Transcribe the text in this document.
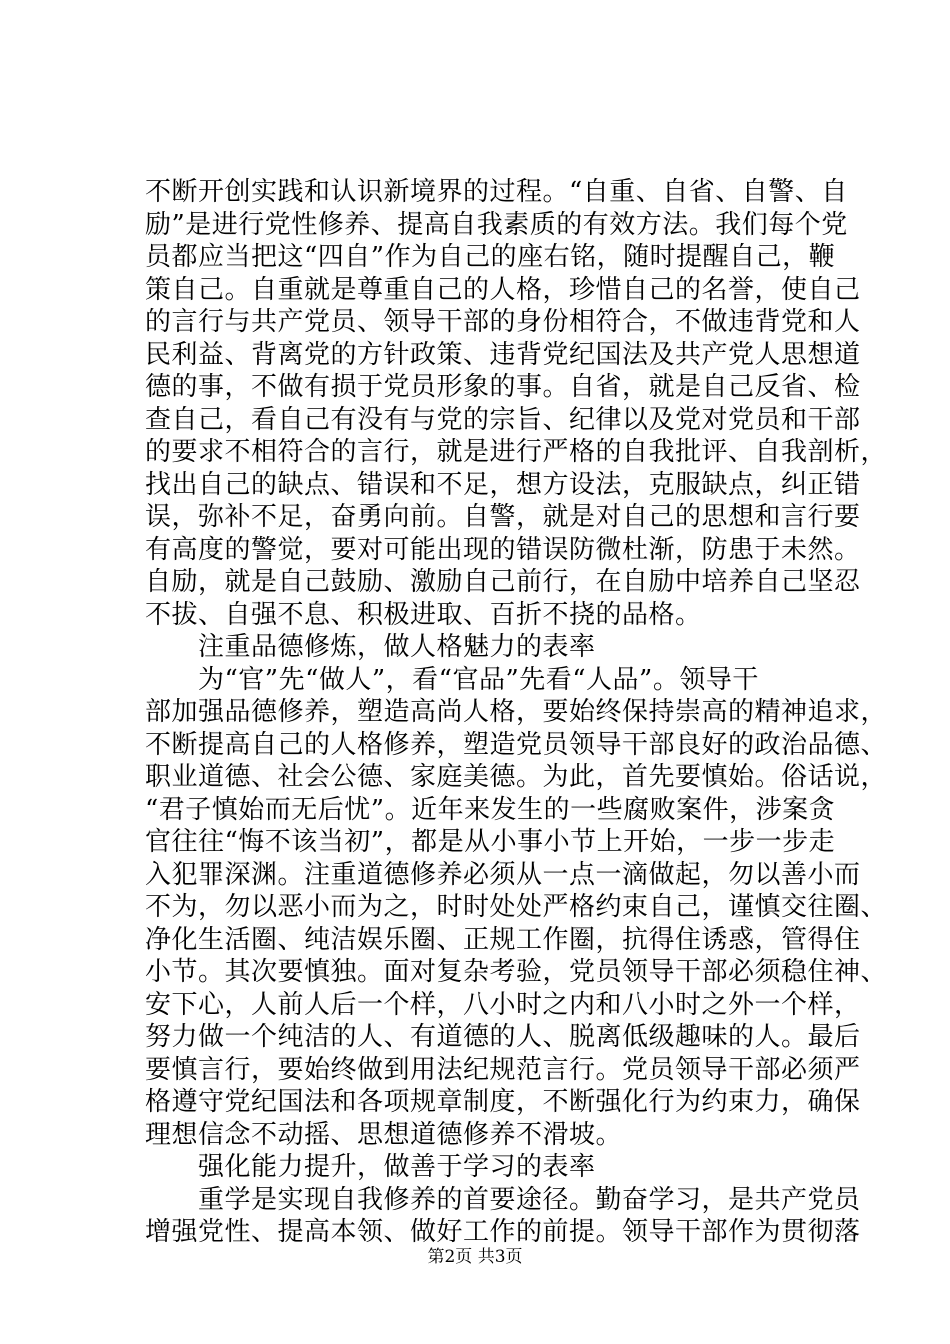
不断开创实践和认识新境界的过程。“自重、自省、自警、自
励”是进行党性修养、提高自我素质的有效方法。我们每个党
员都应当把这“四自”作为自己的座右铭，随时提醒自己，鞭
策自己。自重就是尊重自己的人格，珍惜自己的名誉，使自己
的言行与共产党员、领导干部的身份相符合，不做违背党和人
民利益、背离党的方针政策、违背党纪国法及共产党人思想道
德的事，不做有损于党员形象的事。自省，就是自己反省、检
查自己，看自己有没有与党的宗旨、纪律以及党对党员和干部
的要求不相符合的言行，就是进行严格的自我批评、自我剖析，
找出自己的缺点、错误和不足，想方设法，克服缺点，纠正错
误，弥补不足，奋勇向前。自警，就是对自己的思想和言行要
有高度的警觉，要对可能出现的错误防微杜渐，防患于未然。
自励，就是自己鼓励、激励自己前行，在自励中培养自己坚忍
不拔、自强不息、积极进取、百折不挠的品格。
　　注重品德修炼，做人格魅力的表率
　　为“官”先“做人”，看“官品”先看“人品”。领导干
部加强品德修养，塑造高尚人格，要始终保持崇高的精神追求，
不断提高自己的人格修养，塑造党员领导干部良好的政治品德、
职业道德、社会公德、家庭美德。为此，首先要慎始。俗话说，
“君子慎始而无后忧”。近年来发生的一些腐败案件，涉案贪
官往往“悔不该当初”，都是从小事小节上开始，一步一步走
入犯罪深渊。注重道德修养必须从一点一滴做起，勿以善小而
不为，勿以恶小而为之，时时处处严格约束自己，谨慎交往圈、
净化生活圈、纯洁娱乐圈、正规工作圈，抗得住诱惑，管得住
小节。其次要慎独。面对复杂考验，党员领导干部必须稳住神、
安下心，人前人后一个样，八小时之内和八小时之外一个样，
努力做一个纯洁的人、有道德的人、脱离低级趣味的人。最后
要慎言行，要始终做到用法纪规范言行。党员领导干部必须严
格遵守党纪国法和各项规章制度，不断强化行为约束力，确保
理想信念不动摇、思想道德修养不滑坡。
　　强化能力提升，做善于学习的表率
　　重学是实现自我修养的首要途径。勤奋学习，是共产党员
增强党性、提高本领、做好工作的前提。领导干部作为贯彻落
第2页 共3页
